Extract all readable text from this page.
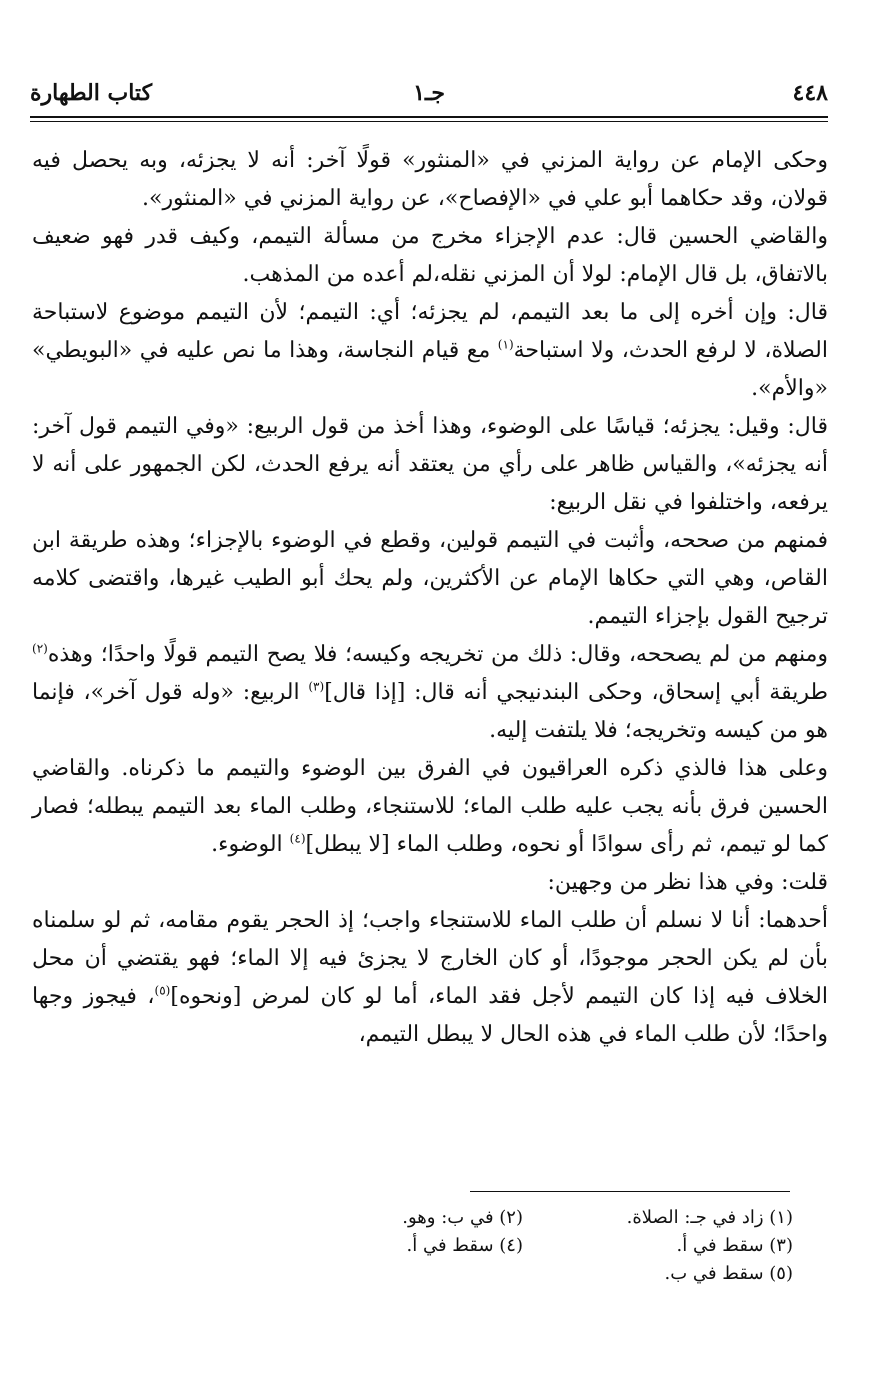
٤٤٨
جـ١
كتاب الطهارة

وحكى الإمام عن رواية المزني في «المنثور» قولًا آخر: أنه لا يجزئه، وبه يحصل فيه قولان، وقد حكاهما أبو علي في «الإفصاح»، عن رواية المزني في «المنثور».

والقاضي الحسين قال: عدم الإجزاء مخرج من مسألة التيمم، وكيف قدر فهو ضعيف بالاتفاق، بل قال الإمام: لولا أن المزني نقله،لم أعده من المذهب.

قال: وإن أخره إلى ما بعد التيمم، لم يجزئه؛ أي: التيمم؛ لأن التيمم موضوع لاستباحة الصلاة، لا لرفع الحدث، ولا استباحة$^{(١)}$ مع قيام النجاسة، وهذا ما نص عليه في «البويطي» «والأم».

قال: وقيل: يجزئه؛ قياسًا على الوضوء، وهذا أخذ من قول الربيع: «وفي التيمم قول آخر: أنه يجزئه»، والقياس ظاهر على رأي من يعتقد أنه يرفع الحدث، لكن الجمهور على أنه لا يرفعه، واختلفوا في نقل الربيع:

فمنهم من صححه، وأثبت في التيمم قولين، وقطع في الوضوء بالإجزاء؛ وهذه طريقة ابن القاص، وهي التي حكاها الإمام عن الأكثرين، ولم يحك أبو الطيب غيرها، واقتضى كلامه ترجيح القول بإجزاء التيمم.

ومنهم من لم يصححه، وقال: ذلك من تخريجه وكيسه؛ فلا يصح التيمم قولًا واحدًا؛ وهذه$^{(٢)}$ طريقة أبي إسحاق، وحكى البندنيجي أنه قال: [إذا قال]$^{(٣)}$ الربيع: «وله قول آخر»، فإنما هو من كيسه وتخريجه؛ فلا يلتفت إليه.

وعلى هذا فالذي ذكره العراقيون في الفرق بين الوضوء والتيمم ما ذكرناه. والقاضي الحسين فرق بأنه يجب عليه طلب الماء؛ للاستنجاء، وطلب الماء بعد التيمم يبطله؛ فصار كما لو تيمم، ثم رأى سوادًا أو نحوه، وطلب الماء [لا يبطل]$^{(٤)}$ الوضوء.

قلت: وفي هذا نظر من وجهين:

أحدهما: أنا لا نسلم أن طلب الماء للاستنجاء واجب؛ إذ الحجر يقوم مقامه، ثم لو سلمناه بأن لم يكن الحجر موجودًا، أو كان الخارج لا يجزئ فيه إلا الماء؛ فهو يقتضي أن محل الخلاف فيه إذا كان التيمم لأجل فقد الماء، أما لو كان لمرض [ونحوه]$^{(٥)}$، فيجوز وجها واحدًا؛ لأن طلب الماء في هذه الحال لا يبطل التيمم،

(١) زاد في جـ: الصلاة.
(٢) في ب: وهو.
(٣) سقط في أ.
(٤) سقط في أ.
(٥) سقط في ب.
